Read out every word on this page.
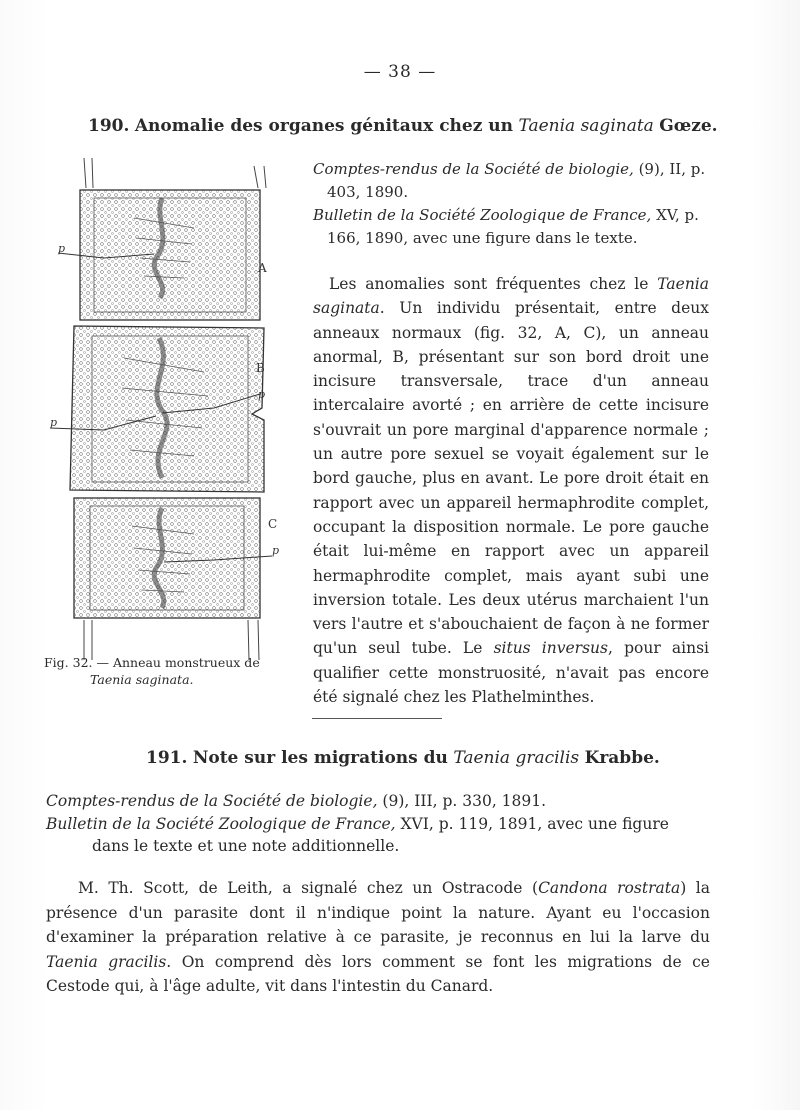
— 38 —
190. Anomalie des organes génitaux chez un Taenia saginata Gœze.
A
B
C
p
p
p
p
Fig. 32. — Anneau monstrueux de
Taenia saginata.

Comptes-rendus de la Société de biologie, (9), II, p. 403, 1890.

Bulletin de la Société Zoologique de France, XV, p. 166, 1890, avec une figure dans le texte.

Les anomalies sont fréquentes chez le Taenia saginata. Un individu présentait, entre deux anneaux normaux (fig. 32, A, C), un anneau anormal, B, présentant sur son bord droit une incisure transversale, trace d'un anneau intercalaire avorté ; en arrière de cette incisure s'ouvrait un pore marginal d'apparence normale ; un autre pore sexuel se voyait également sur le bord gauche, plus en avant. Le pore droit était en rapport avec un appareil hermaphrodite complet, occupant la disposition normale. Le pore gauche était lui-même en rapport avec un appareil hermaphrodite complet, mais ayant subi une inversion totale. Les deux utérus marchaient l'un vers l'autre et s'abouchaient de façon à ne former qu'un seul tube. Le situs inversus, pour ainsi qualifier cette monstruosité, n'avait pas encore été signalé chez les Plathelminthes.

191. Note sur les migrations du Taenia gracilis Krabbe.

Comptes-rendus de la Société de biologie, (9), III, p. 330, 1891.

Bulletin de la Société Zoologique de France, XVI, p. 119, 1891, avec une figure dans le texte et une note additionnelle.

M. Th. Scott, de Leith, a signalé chez un Ostracode (Candona rostrata) la présence d'un parasite dont il n'indique point la nature. Ayant eu l'occasion d'examiner la préparation relative à ce parasite, je reconnus en lui la larve du Taenia gracilis. On comprend dès lors comment se font les migrations de ce Cestode qui, à l'âge adulte, vit dans l'intestin du Canard.
